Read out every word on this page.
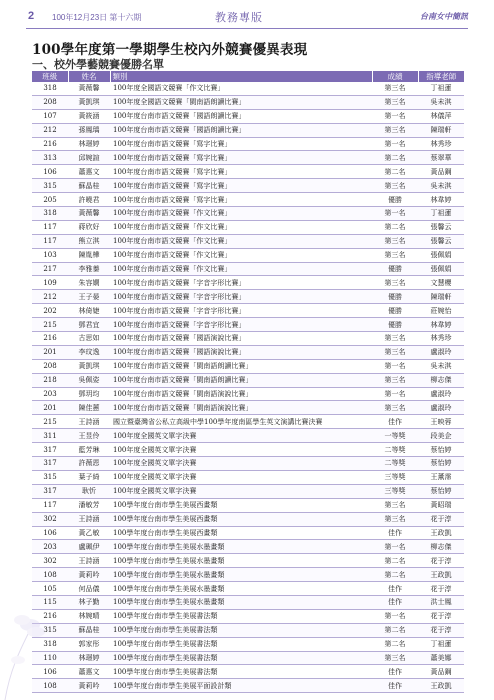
2 100年12月23日 第十六期	教務專版	台南女中簡訊
100學年度第一學期學生校內外競賽優異表現
一、校外學藝競賽優勝名單
班級	姓名	類別	成績	指導老師
318	黃薇馨	100年度全國語文競賽「作文比賽」	第三名	丁祖蓮
208	黃凱琪	100年度全國語文競賽「閩南語朗讀比賽」	第三名	吳未淇
107	黃筱涵	100年度台南市語文競賽「國語朗讀比賽」	第一名	林儀萍
212	孫鳳瑀	100年度台南市語文競賽「國語朗讀比賽」	第三名	陳瑞軒
216	林璟婷	100年度台南市語文競賽「寫字比賽」	第一名	林秀珍
313	邱婉諠	100年度台南市語文競賽「寫字比賽」	第二名	蔡翠華
106	蕭惠文	100年度台南市語文競賽「寫字比賽」	第二名	黃品鋼
315	蘇晶桂	100年度台南市語文競賽「寫字比賽」	第三名	吳未淇
205	許曉君	100年度台南市語文競賽「寫字比賽」	優勝	林韋婷
318	黃薇馨	100年度台南市語文競賽「作文比賽」	第一名	丁祖蓮
117	蔣欣好	100年度台南市語文競賽「作文比賽」	第二名	張馨云
117	熊立淇	100年度台南市語文競賽「作文比賽」	第三名	張馨云
103	陳胤樺	100年度台南市語文競賽「作文比賽」	第三名	張佩娟
217	李雅蓁	100年度台南市語文競賽「作文比賽」	優勝	張佩娟
109	朱容嫻	100年度台南市語文競賽「字音字形比賽」	第三名	文慧櫻
212	王子晏	100年度台南市語文競賽「字音字形比賽」	優勝	陳瑞軒
202	林倚婕	100年度台南市語文競賽「字音字形比賽」	優勝	莊婉怡
215	鄧君宜	100年度台南市語文競賽「字音字形比賽」	優勝	林韋婷
216	古思如	100年度台南市語文競賽「國語演說比賽」	第三名	林秀珍
201	李玟逸	100年度台南市語文競賽「國語演說比賽」	第三名	盧淑玲
208	黃凱琪	100年度台南市語文競賽「閩南語朗讀比賽」	第一名	吳未淇
218	吳佩姿	100年度台南市語文競賽「閩南語朗讀比賽」	第三名	柳志傑
203	鄧玥均	100年度台南市語文競賽「閩南語演說比賽」	第一名	盧淑玲
201	陳佳蕙	100年度台南市語文競賽「閩南語演說比賽」	第三名	盧淑玲
215	王詩涵	國立暨臺灣省公私立高級中學100學年度南區學生英文演講比賽決賽	佳作	王映蓉
311	王昱伶	100年度全國英文單字決賽	一等獎	段美企
317	藍芳琳	100年度全國英文單字決賽	二等獎	蔡怡婷
317	許薇恩	100年度全國英文單字決賽	二等獎	蔡怡婷
315	葉子綺	100年度全國英文單字決賽	三等獎	王薰霈
317	耿忻	100年度全國英文單字決賽	三等獎	蔡怡婷
117	潘敏芳	100學年度台南市學生美展西畫類	第三名	黃昭瑞
302	王詩涵	100學年度台南市學生美展西畫類	第三名	花于淳
106	黃乙敏	100學年度台南市學生美展西畫類	佳作	王政凱
203	盧珮伊	100學年度台南市學生美展水墨畫類	第一名	柳志傑
302	王詩涵	100學年度台南市學生美展水墨畫類	第二名	花于淳
108	黃莉吟	100學年度台南市學生美展水墨畫類	第二名	王政凱
105	何品儀	100學年度台南市學生美展水墨畫類	佳作	花于淳
115	林子勤	100學年度台南市學生美展水墨畫類	佳作	洪士鳳
216	林婉晴	100學年度台南市學生美展書法類	第一名	花于淳
315	蘇晶桂	100學年度台南市學生美展書法類	第二名	花于淳
318	郭家彤	100學年度台南市學生美展書法類	第二名	丁祖蓮
110	林璟婷	100學年度台南市學生美展書法類	第三名	蕭美娜
106	蕭惠文	100學年度台南市學生美展書法類	佳作	黃品鋼
108	黃莉吟	100學年度台南市學生美展平面設計類	佳作	王政凱
